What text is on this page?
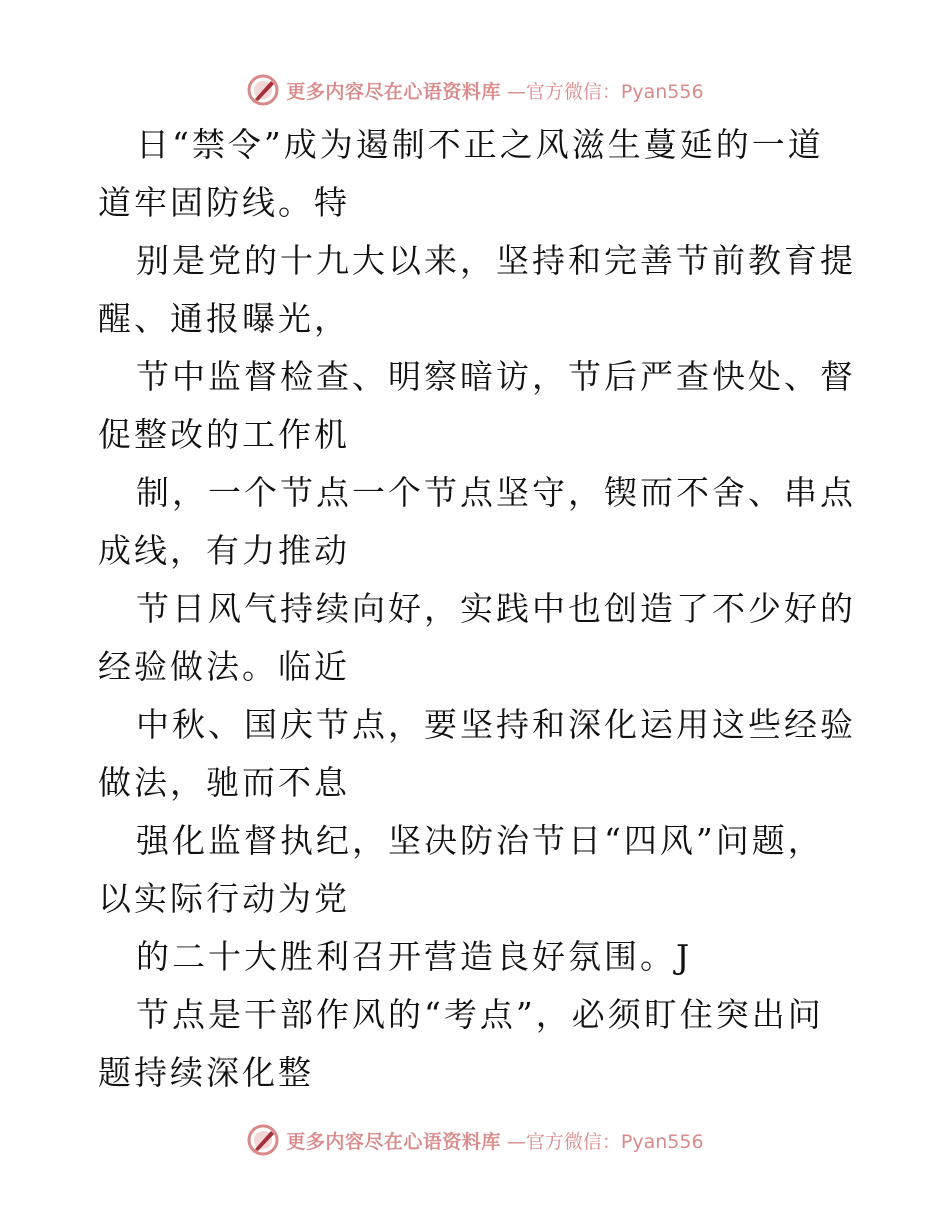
更多内容尽在心语资料库 —官方微信：Pyan556

日“禁令”成为遏制不正之风滋生蔓延的一道道牢固防线。特

别是党的十九大以来，坚持和完善节前教育提醒、通报曝光，

节中监督检查、明察暗访，节后严查快处、督促整改的工作机

制，一个节点一个节点坚守，锲而不舍、串点成线，有力推动

节日风气持续向好，实践中也创造了不少好的经验做法。临近

中秋、国庆节点，要坚持和深化运用这些经验做法，驰而不息

强化监督执纪，坚决防治节日“四风”问题，以实际行动为党

的二十大胜利召开营造良好氛围。J

节点是干部作风的“考点”，必须盯住突出问题持续深化整

更多内容尽在心语资料库 —官方微信：Pyan556
